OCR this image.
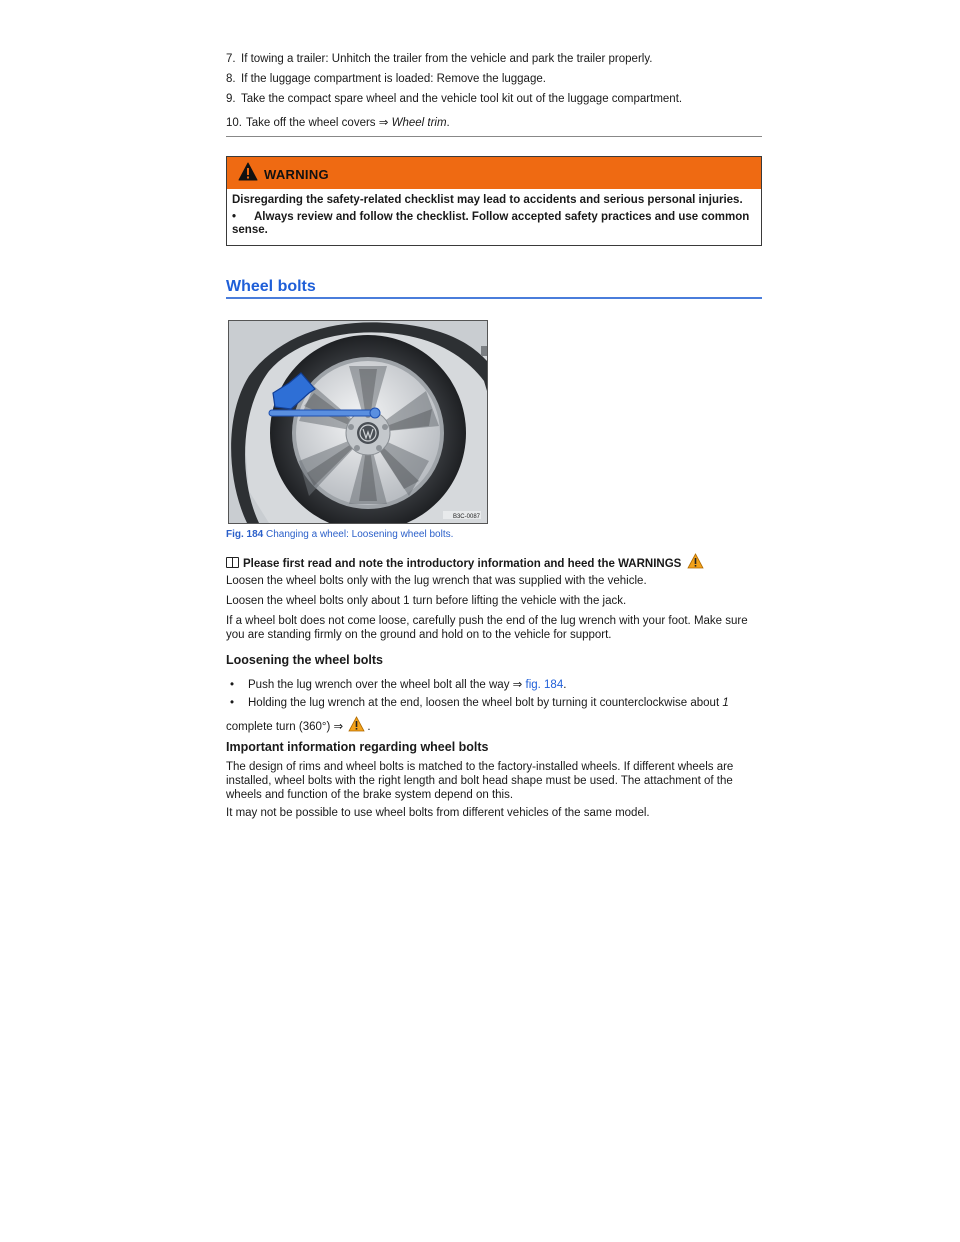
7. If towing a trailer: Unhitch the trailer from the vehicle and park the trailer properly.
8. If the luggage compartment is loaded: Remove the luggage.
9. Take the compact spare wheel and the vehicle tool kit out of the luggage compartment.
10. Take off the wheel covers ⇒ Wheel trim.
WARNING

Disregarding the safety-related checklist may lead to accidents and serious personal injuries.

• Always review and follow the checklist. Follow accepted safety practices and use common sense.

Wheel bolts
B3C-0087
Fig. 184 Changing a wheel: Loosening wheel bolts.
Please first read and note the introductory information and heed the WARNINGS
Loosen the wheel bolts only with the lug wrench that was supplied with the vehicle.
Loosen the wheel bolts only about 1 turn before lifting the vehicle with the jack.
If a wheel bolt does not come loose, carefully push the end of the lug wrench with your foot. Make sure you are standing firmly on the ground and hold on to the vehicle for support.
Loosening the wheel bolts
• Push the lug wrench over the wheel bolt all the way ⇒ fig. 184.
• Holding the lug wrench at the end, loosen the wheel bolt by turning it counterclockwise about 1
complete turn (360°) ⇒ .
Important information regarding wheel bolts
The design of rims and wheel bolts is matched to the factory-installed wheels. If different wheels are installed, wheel bolts with the right length and bolt head shape must be used. The attachment of the wheels and function of the brake system depend on this.
It may not be possible to use wheel bolts from different vehicles of the same model.
